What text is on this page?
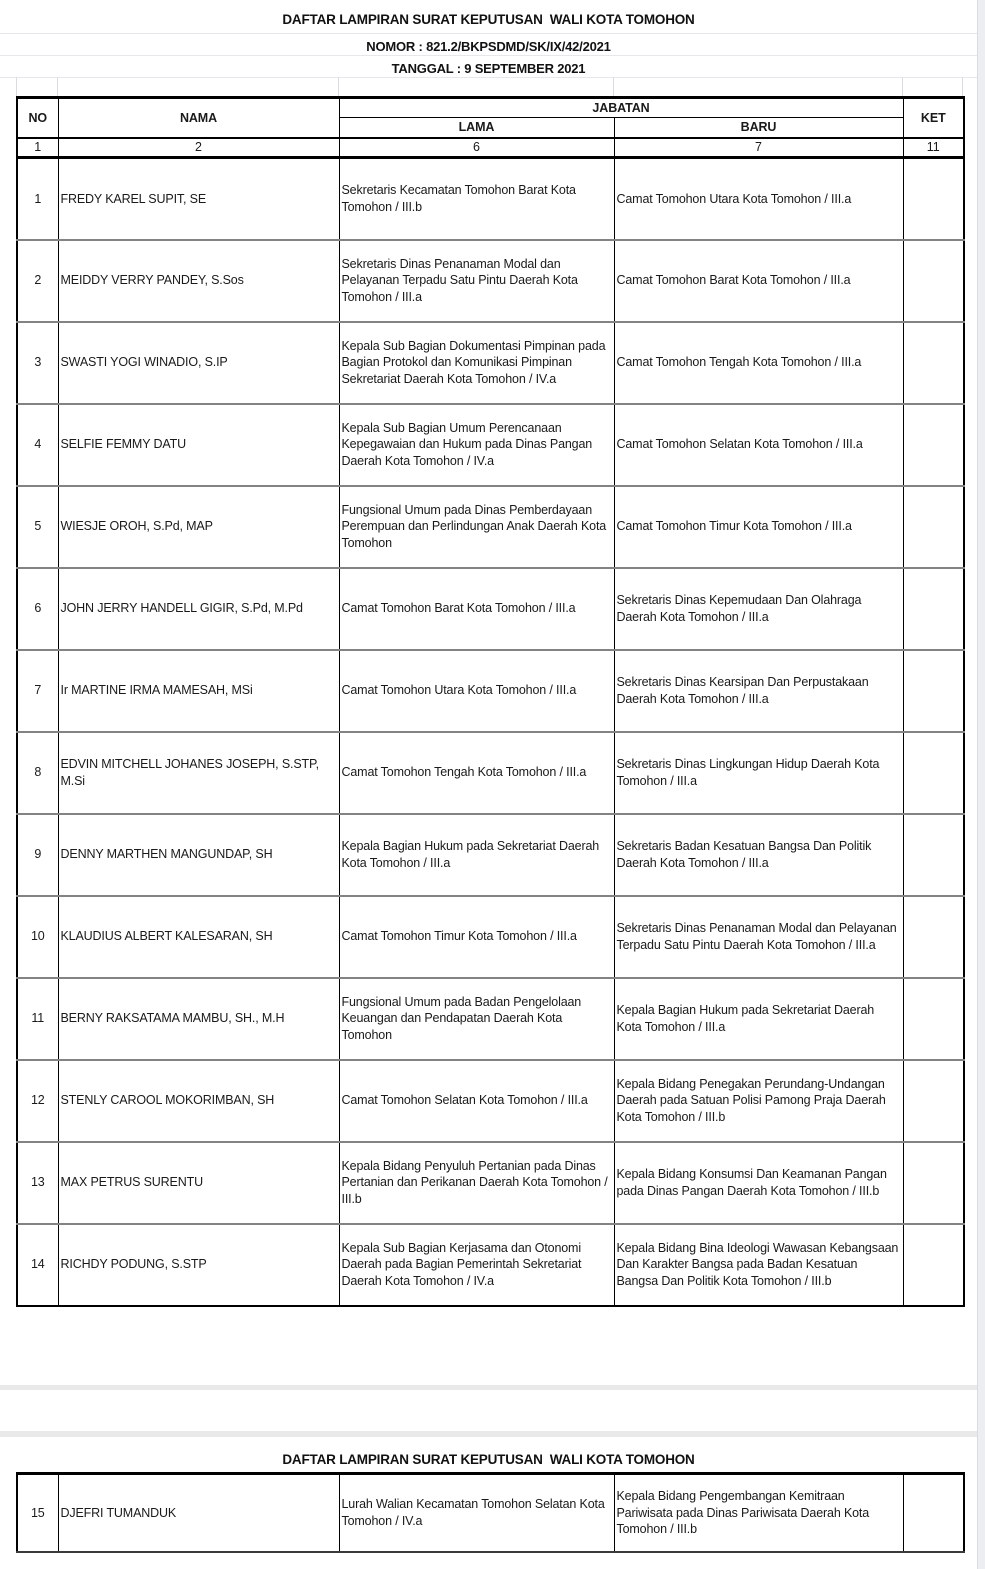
DAFTAR LAMPIRAN SURAT KEPUTUSAN  WALI KOTA TOMOHON
NOMOR : 821.2/BKPSDMD/SK/IX/42/2021
TANGGAL : 9 SEPTEMBER 2021
NO	NAMA	JABATAN		KET
		LAMA	BARU	
1	2	6	7	11
1	FREDY KAREL SUPIT, SE	Sekretaris Kecamatan Tomohon Barat Kota Tomohon / III.b	Camat Tomohon Utara Kota Tomohon / III.a	
2	MEIDDY VERRY PANDEY, S.Sos	Sekretaris Dinas Penanaman Modal dan Pelayanan Terpadu Satu Pintu Daerah Kota Tomohon / III.a	Camat Tomohon Barat Kota Tomohon / III.a	
3	SWASTI YOGI WINADIO, S.IP	Kepala Sub Bagian Dokumentasi Pimpinan pada Bagian Protokol dan Komunikasi Pimpinan Sekretariat Daerah Kota Tomohon / IV.a	Camat Tomohon Tengah Kota Tomohon / III.a	
4	SELFIE FEMMY DATU	Kepala Sub Bagian Umum Perencanaan Kepegawaian dan Hukum pada Dinas Pangan Daerah Kota Tomohon / IV.a	Camat Tomohon Selatan Kota Tomohon / III.a	
5	WIESJE OROH, S.Pd, MAP	Fungsional Umum pada Dinas Pemberdayaan Perempuan dan Perlindungan Anak Daerah Kota Tomohon	Camat Tomohon Timur Kota Tomohon / III.a	
6	JOHN JERRY HANDELL GIGIR, S.Pd, M.Pd	Camat Tomohon Barat Kota Tomohon / III.a	Sekretaris Dinas Kepemudaan Dan Olahraga Daerah Kota Tomohon / III.a	
7	Ir MARTINE IRMA MAMESAH, MSi	Camat Tomohon Utara Kota Tomohon / III.a	Sekretaris Dinas Kearsipan Dan Perpustakaan Daerah Kota Tomohon / III.a	
8	EDVIN MITCHELL JOHANES JOSEPH, S.STP, M.Si	Camat Tomohon Tengah Kota Tomohon / III.a	Sekretaris Dinas Lingkungan Hidup Daerah Kota Tomohon / III.a	
9	DENNY MARTHEN MANGUNDAP, SH	Kepala Bagian Hukum pada Sekretariat Daerah Kota Tomohon / III.a	Sekretaris Badan Kesatuan Bangsa Dan Politik Daerah Kota Tomohon / III.a	
10	KLAUDIUS ALBERT KALESARAN, SH	Camat Tomohon Timur Kota Tomohon / III.a	Sekretaris Dinas Penanaman Modal dan Pelayanan Terpadu Satu Pintu Daerah Kota Tomohon / III.a	
11	BERNY RAKSATAMA MAMBU, SH., M.H	Fungsional Umum pada Badan Pengelolaan Keuangan dan Pendapatan Daerah Kota Tomohon	Kepala Bagian Hukum pada Sekretariat Daerah Kota Tomohon / III.a	
12	STENLY CAROOL MOKORIMBAN, SH	Camat Tomohon Selatan Kota Tomohon / III.a	Kepala Bidang Penegakan Perundang-Undangan Daerah pada Satuan Polisi Pamong Praja Daerah Kota Tomohon / III.b	
13	MAX PETRUS SURENTU	Kepala Bidang Penyuluh Pertanian pada Dinas Pertanian dan Perikanan Daerah Kota Tomohon / III.b	Kepala Bidang Konsumsi Dan Keamanan Pangan pada Dinas Pangan Daerah Kota Tomohon / III.b	
14	RICHDY PODUNG, S.STP	Kepala Sub Bagian Kerjasama dan Otonomi Daerah pada Bagian Pemerintah Sekretariat Daerah Kota Tomohon / IV.a	Kepala Bidang Bina Ideologi Wawasan Kebangsaan Dan Karakter Bangsa pada Badan Kesatuan Bangsa Dan Politik Kota Tomohon / III.b	
DAFTAR LAMPIRAN SURAT KEPUTUSAN  WALI KOTA TOMOHON
15	DJEFRI TUMANDUK	Lurah Walian Kecamatan Tomohon Selatan Kota Tomohon / IV.a	Kepala Bidang Pengembangan Kemitraan Pariwisata pada Dinas Pariwisata Daerah Kota Tomohon / III.b	
